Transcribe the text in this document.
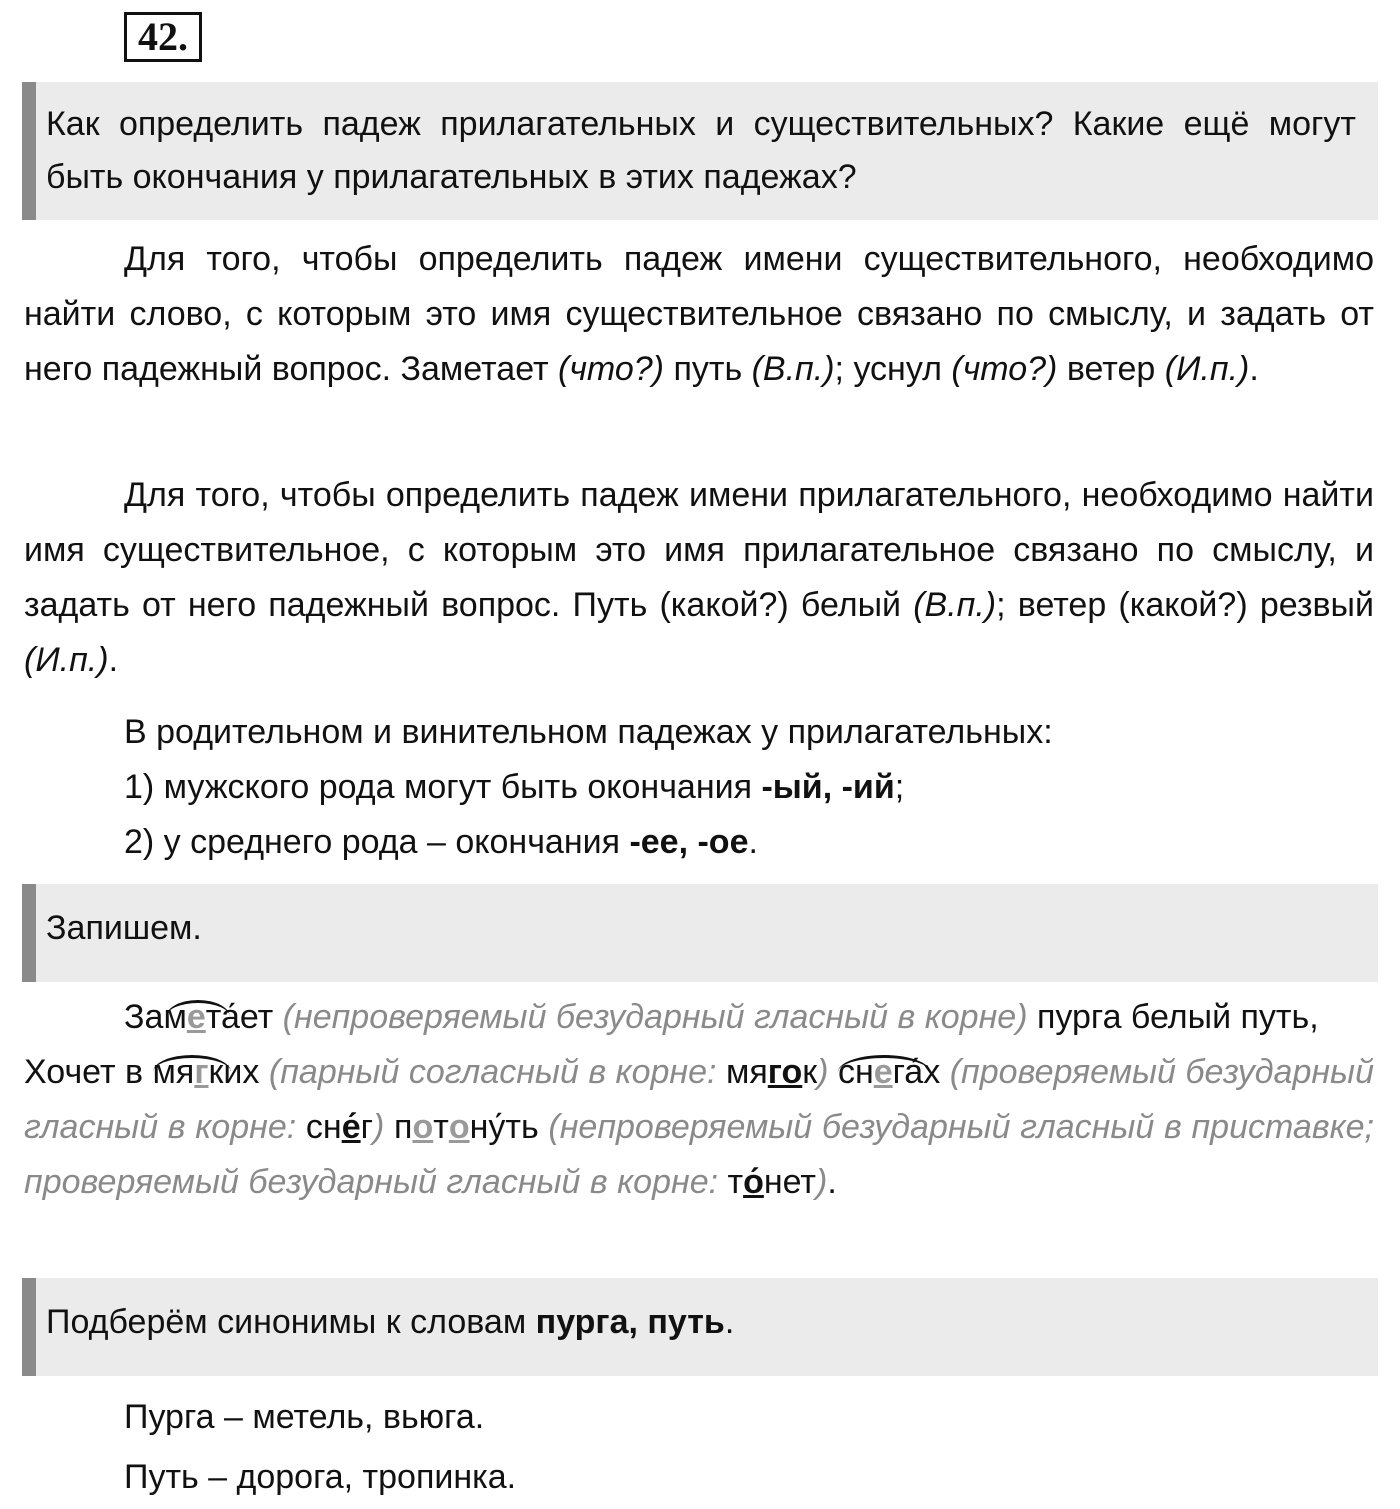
42.
Как определить падеж прилагательных и существительных? Какие ещё могут быть окончания у прилагательных в этих падежах?

Для того, чтобы определить падеж имени существительного, необходимо найти слово, с которым это имя существительное связано по смыслу, и задать от него падежный вопрос. Заметает (что?) путь (В.п.); уснул (что?) ветер (И.п.).

Для того, чтобы определить падеж имени прилагательного, необходимо найти имя существительное, с которым это имя прилагательное связано по смыслу, и задать от него падежный вопрос. Путь (какой?) белый (В.п.); ветер (какой?) резвый (И.п.).

В родительном и винительном падежах у прилагательных:
1) мужского рода могут быть окончания -ый, -ий;
2) у среднего рода – окончания -ее, -ое.
Запишем.

Замета́ет (непроверяемый безударный гласный в корне) пурга белый путь,
Хочет в
мягких (парный согласный в корне: мягок) снега́х (проверяемый безударный гласный в корне: сне́г) потону́ть (непроверяемый безударный гласный в приставке; проверяемый безударный гласный в корне: то́нет).

Подберём синонимы к словам пурга, путь.
Пурга – метель, вьюга.
Путь – дорога, тропинка.
